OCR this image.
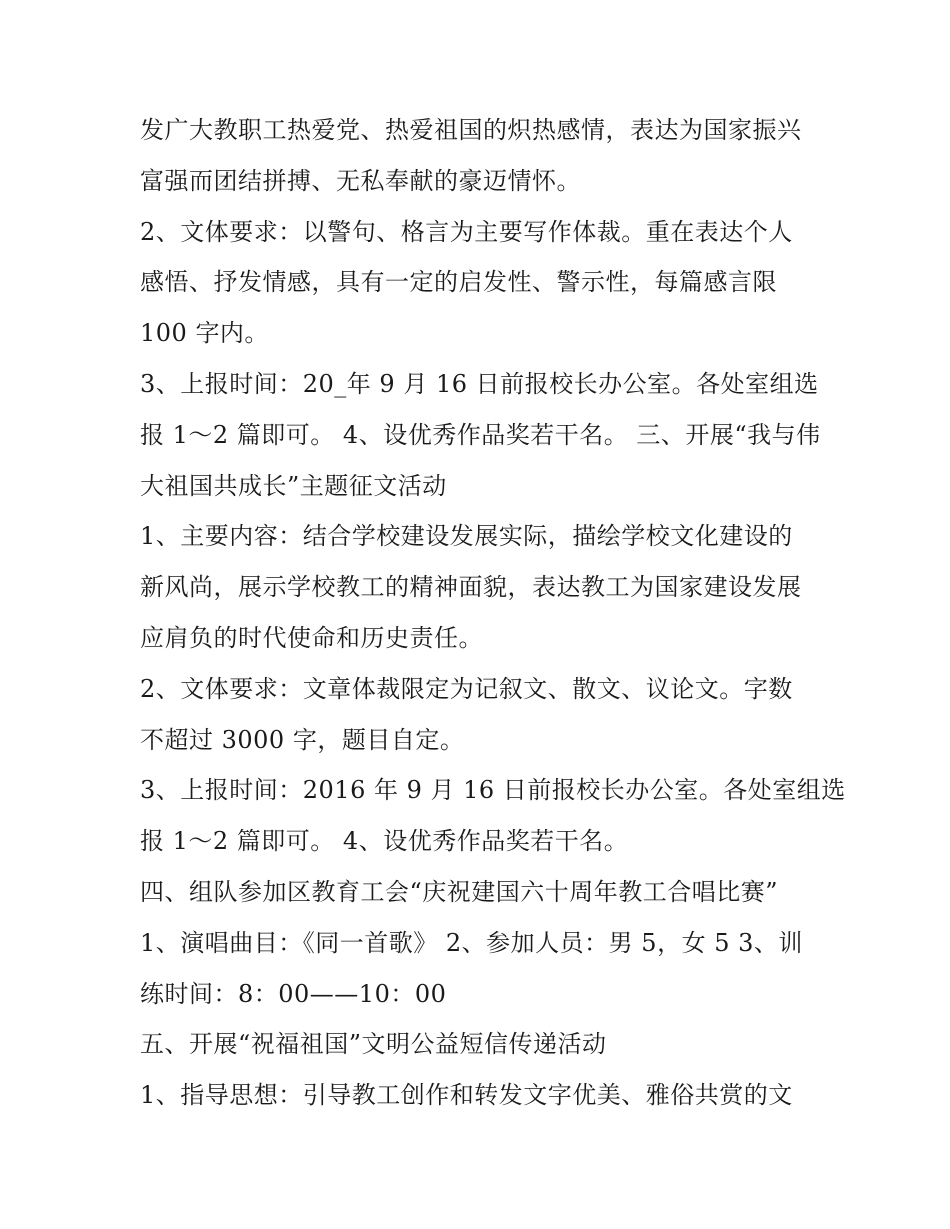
发广大教职工热爱党、热爱祖国的炽热感情，表达为国家振兴
富强而团结拼搏、无私奉献的豪迈情怀。
2、文体要求：以警句、格言为主要写作体裁。重在表达个人
感悟、抒发情感，具有一定的启发性、警示性，每篇感言限
100 字内。
3、上报时间：20_年 9 月 16 日前报校长办公室。各处室组选
报 1～2 篇即可。 4、设优秀作品奖若干名。 三、开展“我与伟
大祖国共成长”主题征文活动
1、主要内容：结合学校建设发展实际，描绘学校文化建设的
新风尚，展示学校教工的精神面貌，表达教工为国家建设发展
应肩负的时代使命和历史责任。
2、文体要求：文章体裁限定为记叙文、散文、议论文。字数
不超过 3000 字，题目自定。
3、上报时间：2016 年 9 月 16 日前报校长办公室。各处室组选
报 1～2 篇即可。 4、设优秀作品奖若干名。
四、组队参加区教育工会“庆祝建国六十周年教工合唱比赛”
1、演唱曲目：《同一首歌》 2、参加人员：男 5，女 5 3、训
练时间：8：00——10：00
五、开展“祝福祖国”文明公益短信传递活动
1、指导思想：引导教工创作和转发文字优美、雅俗共赏的文
